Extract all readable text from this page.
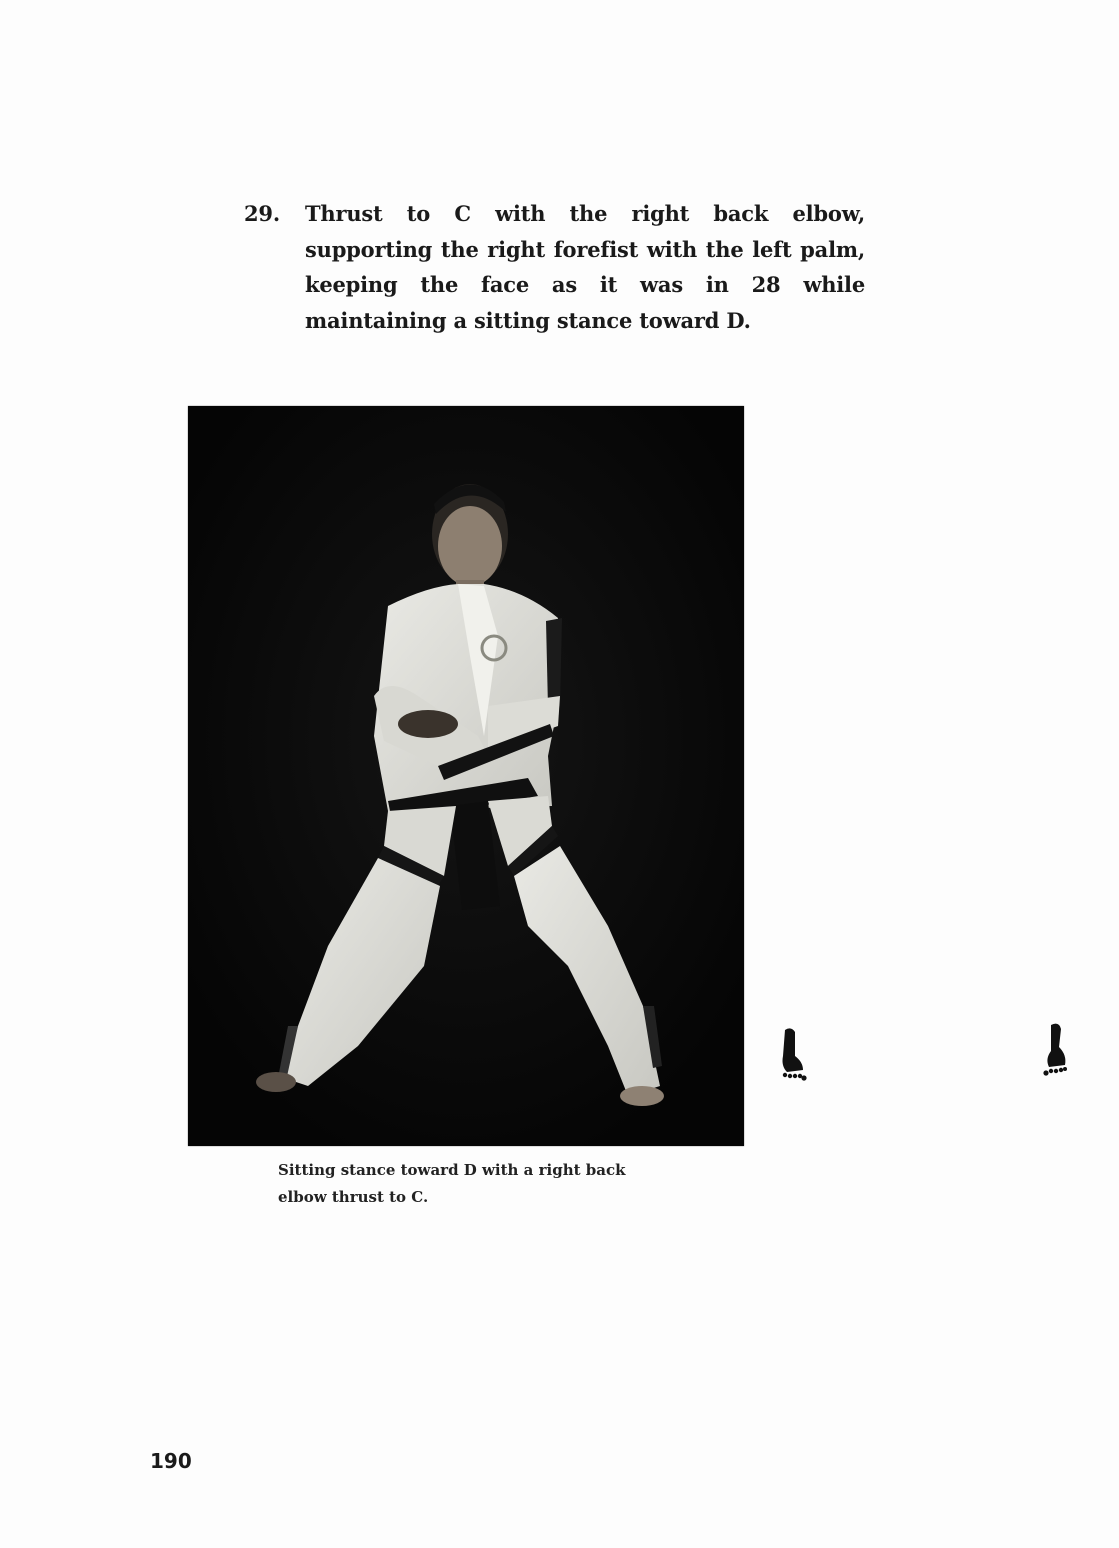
29. Thrust to C with the right back elbow, supporting the right forefist with the left palm, keeping the face as it was in 28 while maintaining a sitting stance toward D.
Sitting stance toward D with a right back elbow thrust to C.
190
